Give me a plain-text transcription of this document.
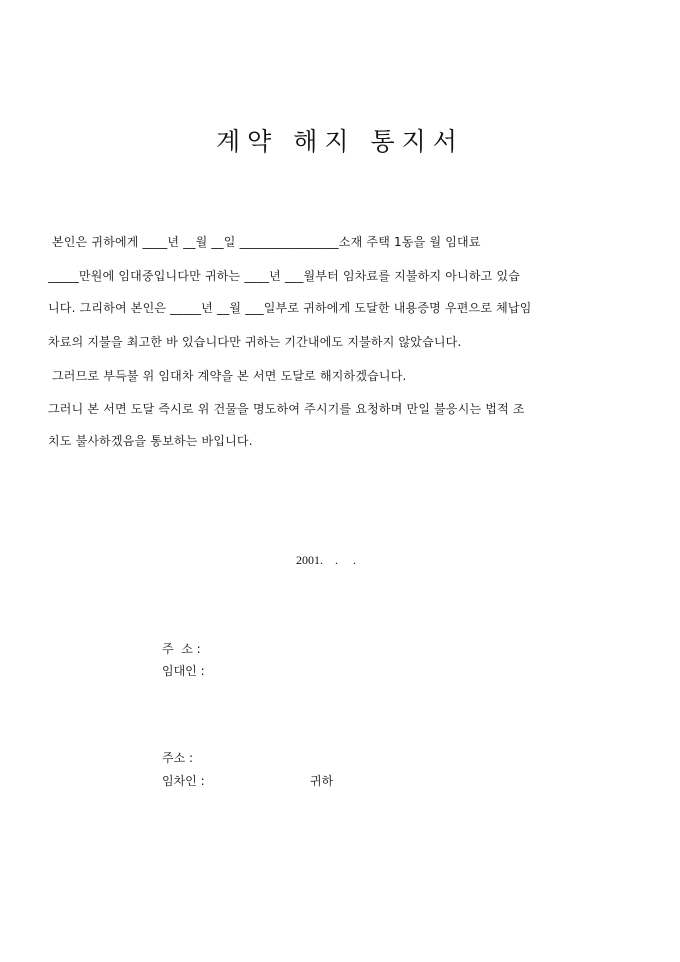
계약 해지 통지서
본인은 귀하에게 ____년 __월 __일 ________________소재 주택 1동을 월 임대료
_____만원에 임대중입니다만 귀하는 ____년 ___월부터 임차료를 지불하지 아니하고 있습
니다. 그리하여 본인은 _____년 __월 ___일부로 귀하에게 도달한 내용증명 우편으로 체납임
차료의 지불을 최고한 바 있습니다만 귀하는 기간내에도 지불하지 않았습니다.
그러므로 부득불 위 임대차 계약을 본 서면 도달로 해지하겠습니다.
그러니 본 서면 도달 즉시로 위 건물을 명도하여 주시기를 요청하며 만일 불응시는 법적 조
치도 불사하겠음을 통보하는 바입니다.
2001.    .     .
주  소 :
임대인 :
주소 :
임차인 :	귀하
